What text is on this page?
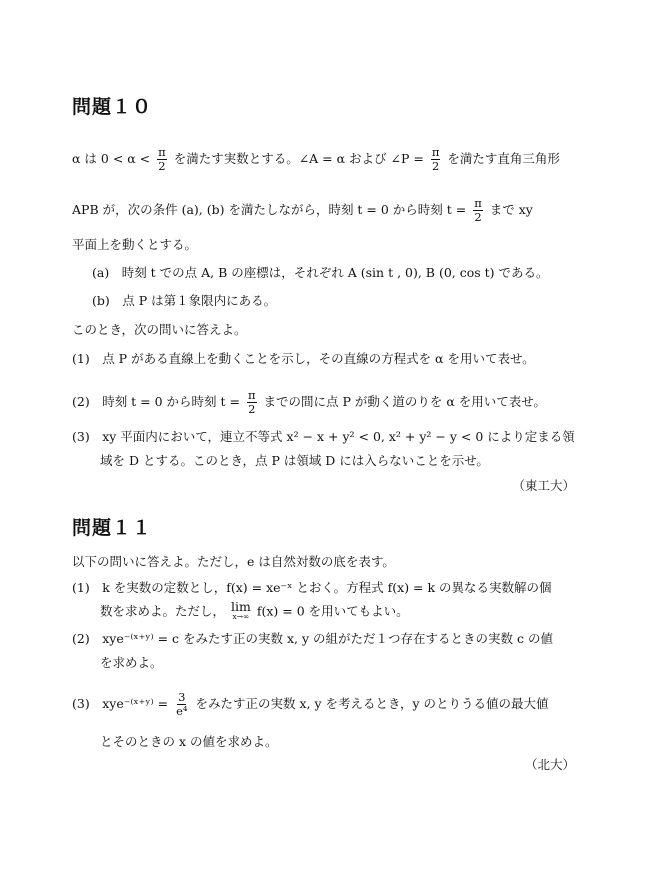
問題１０
α は $0 < \alpha < \frac{\pi}{2}$ を満たす実数とする。∠A = α および ∠P = $\frac{\pi}{2}$ を満たす直角三角形
APB が，次の条件 (a), (b) を満たしながら，時刻 t = 0 から時刻 $t = \frac{\pi}{2}$ まで xy
平面上を動くとする。
(a)　時刻 t での点 A, B の座標は，それぞれ A (sin t , 0), B (0, cos t) である。
(b)　点 P は第１象限内にある。
このとき，次の問いに答えよ。
(1)　点 P がある直線上を動くことを示し，その直線の方程式を α を用いて表せ。
(2)　時刻 t = 0 から時刻 $t = \frac{\pi}{2}$ までの間に点 P が動く道のりを α を用いて表せ。
(3)　xy 平面内において，連立不等式 x² − x + y² < 0, x² + y² − y < 0 により定まる領
域を D とする。このとき，点 P は領域 D には入らないことを示せ。
（東工大）
問題１１
以下の問いに答えよ。ただし，e は自然対数の底を表す。
(1)　k を実数の定数とし，f(x) = xe⁻ˣ とおく。方程式 f(x) = k の異なる実数解の個
数を求めよ。ただし， lim
x→∞ f(x) = 0 を用いてもよい。
(2)　xye⁻⁽ˣ⁺ʸ⁾ = c をみたす正の実数 x, y の組がただ１つ存在するときの実数 c の値
を求めよ。
(3)　xye⁻⁽ˣ⁺ʸ⁾ = $\frac{3}{\text{e⁴}}$ をみたす正の実数 x, y を考えるとき，y のとりうる値の最大値
とそのときの x の値を求めよ。
（北大）
